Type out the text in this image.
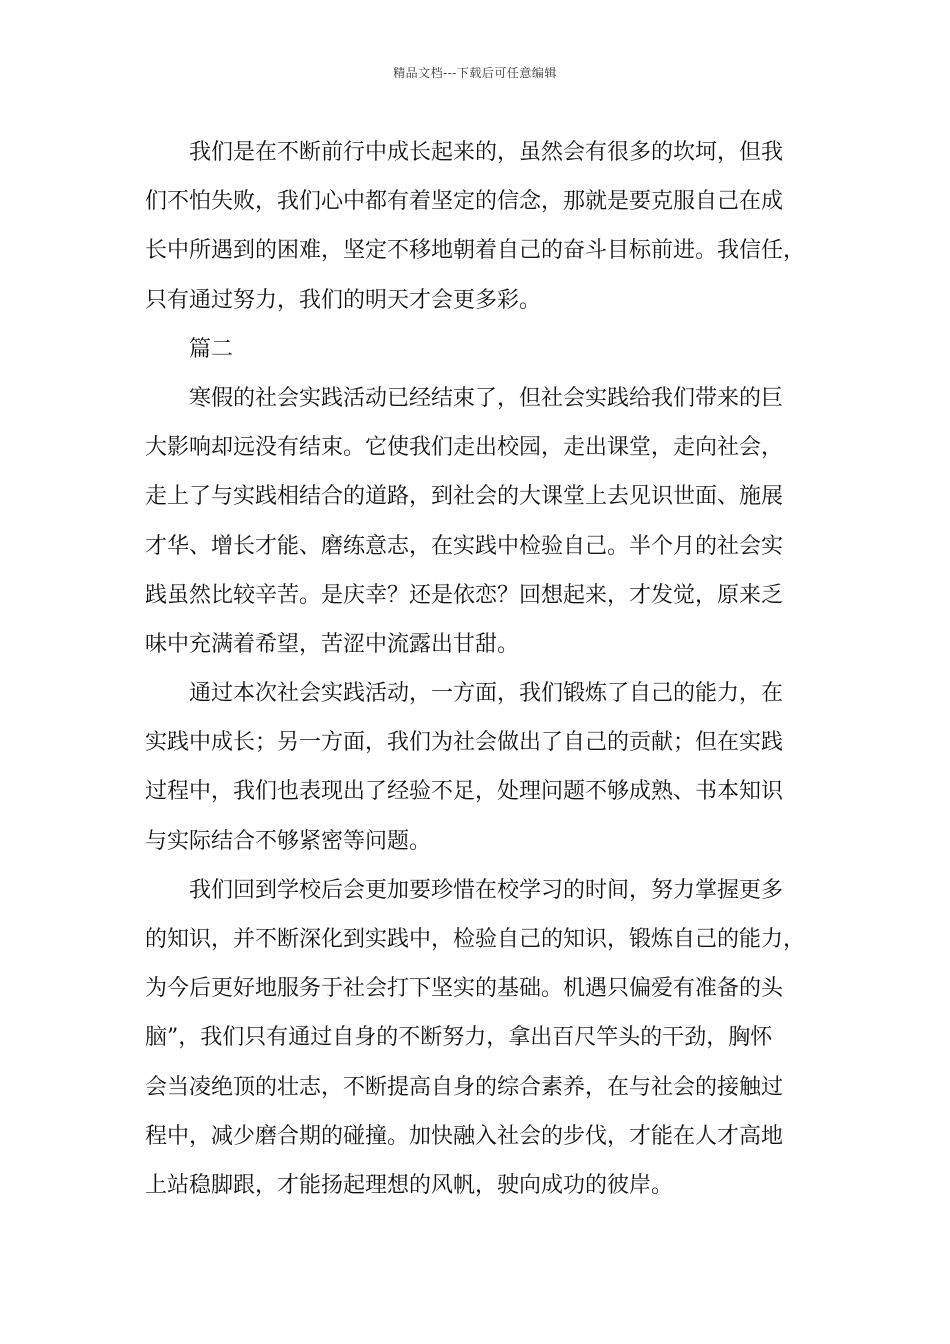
精品文档---下载后可任意编辑
我们是在不断前行中成长起来的，虽然会有很多的坎坷，但我
们不怕失败，我们心中都有着坚定的信念，那就是要克服自己在成
长中所遇到的困难，坚定不移地朝着自己的奋斗目标前进。我信任，
只有通过努力，我们的明天才会更多彩。
篇二
寒假的社会实践活动已经结束了，但社会实践给我们带来的巨
大影响却远没有结束。它使我们走出校园，走出课堂，走向社会，
走上了与实践相结合的道路，到社会的大课堂上去见识世面、施展
才华、增长才能、磨练意志，在实践中检验自己。半个月的社会实
践虽然比较辛苦。是庆幸？还是依恋？回想起来，才发觉，原来乏
味中充满着希望，苦涩中流露出甘甜。
通过本次社会实践活动，一方面，我们锻炼了自己的能力，在
实践中成长；另一方面，我们为社会做出了自己的贡献；但在实践
过程中，我们也表现出了经验不足，处理问题不够成熟、书本知识
与实际结合不够紧密等问题。
我们回到学校后会更加要珍惜在校学习的时间，努力掌握更多
的知识，并不断深化到实践中，检验自己的知识，锻炼自己的能力，
为今后更好地服务于社会打下坚实的基础。机遇只偏爱有准备的头
脑”，我们只有通过自身的不断努力，拿出百尺竿头的干劲，胸怀
会当凌绝顶的壮志，不断提高自身的综合素养，在与社会的接触过
程中，减少磨合期的碰撞。加快融入社会的步伐，才能在人才高地
上站稳脚跟，才能扬起理想的风帆，驶向成功的彼岸。
